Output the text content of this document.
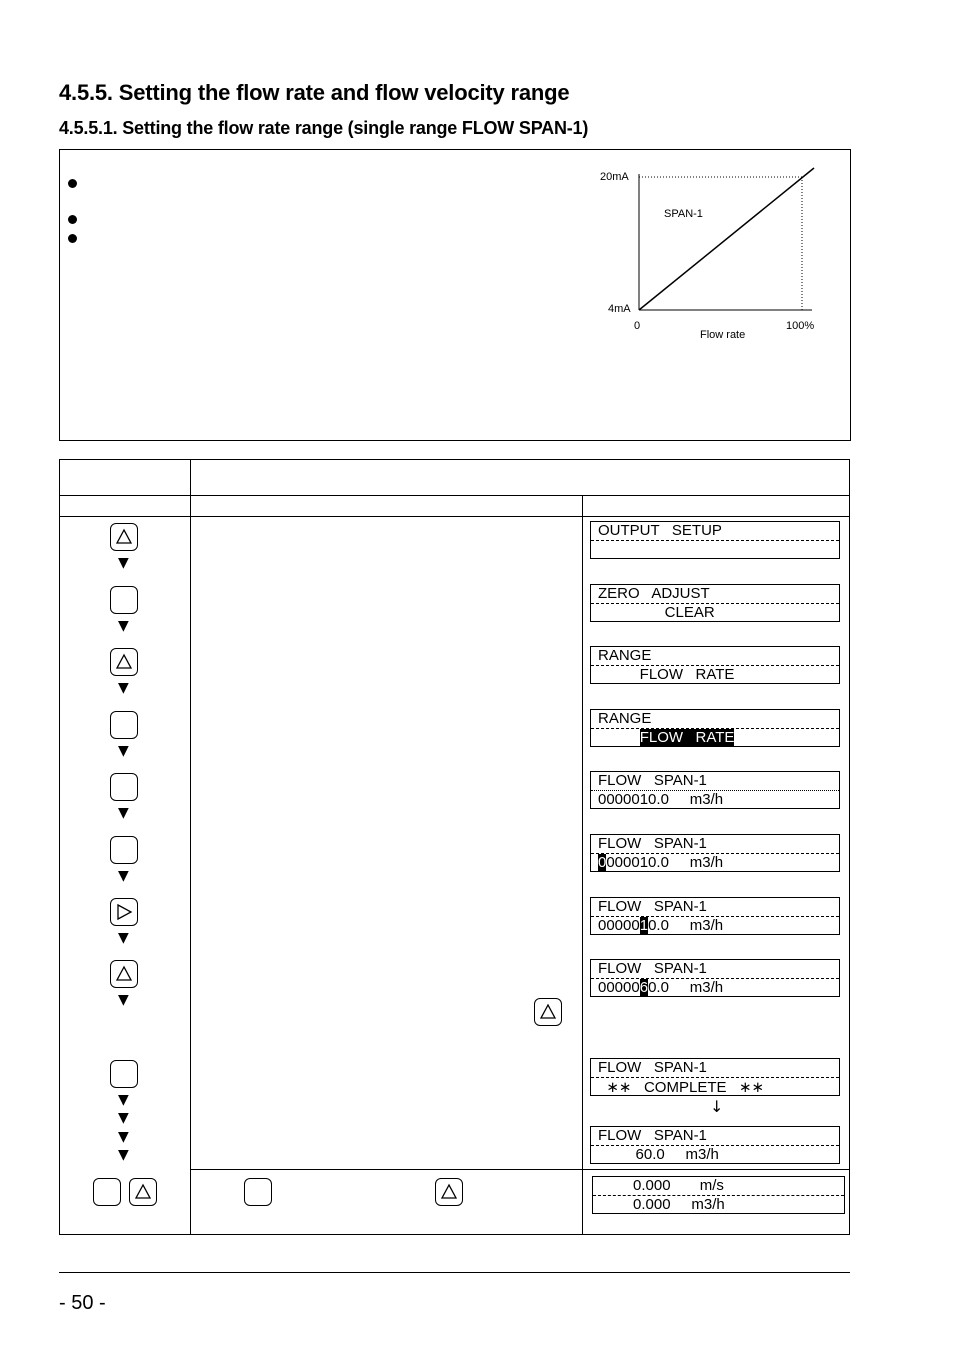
4.5.5. Setting the flow rate and flow velocity range
4.5.5.1. Setting the flow rate range (single range FLOW SPAN-1)
20mA
4mA
0	100%
Flow rate
SPAN-1
▼
▼
▼
▼
▼
▼
▼
▼
▼
▼
▼
▼
OUTPUT   SETUP
ZERO   ADJUST
CLEAR
RANGE
FLOW   RATE
RANGE
FLOW   RATE
FLOW   SPAN-1
0000010.0     m3/h
FLOW   SPAN-1
0000010.0     m3/h
FLOW   SPAN-1
0000010.0     m3/h
FLOW   SPAN-1
0000060.0     m3/h
FLOW   SPAN-1
∗∗   COMPLETE   ∗∗
↓
FLOW   SPAN-1
60.0     m3/h
0.000       m/s
0.000     m3/h
- 50 -
